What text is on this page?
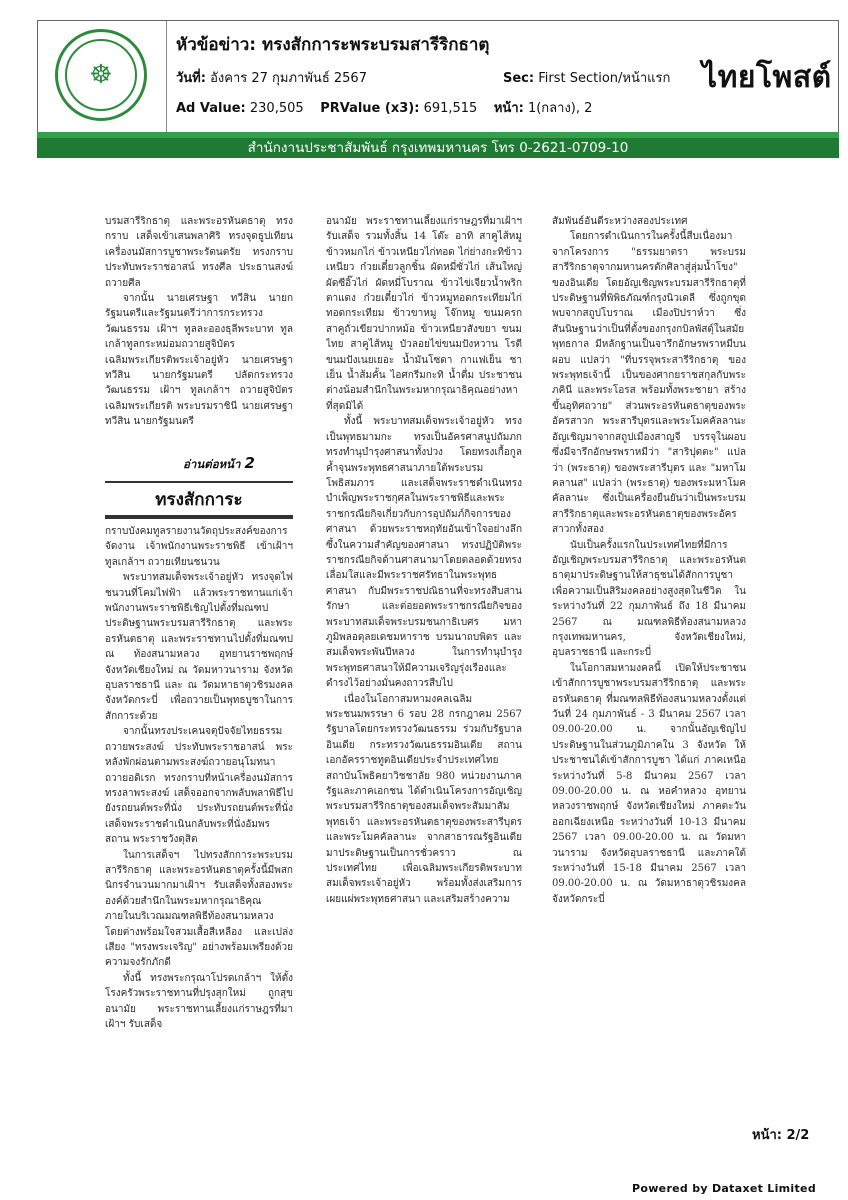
☸
หัวข้อข่าว: ทรงสักการะพระบรมสารีริกธาตุ
วันที่: อังคาร 27 กุมภาพันธ์ 2567	Sec: First Section/หน้าแรก
Ad Value: 230,505 PRValue (x3): 691,515 หน้า: 1(กลาง), 2
ไทยโพสต์
สำนักงานประชาสัมพันธ์ กรุงเทพมหานคร โทร 0-2621-0709-10

บรมสารีริกธาตุ และพระอรหันตธาตุ ทรงกราบ เสด็จเข้าเสนพลาศิริ ทรงจุดธูปเทียนเครื่องนมัสการบูชาพระรัตนตรัย ทรงกราบประทับพระราชอาสน์ ทรงศีล ประธานสงฆ์ถวายศีล

จากนั้น นายเศรษฐา ทวีสิน นายกรัฐมนตรีและรัฐมนตรีว่าการกระทรวงวัฒนธรรม เฝ้าฯ ทูลละอองธุลีพระบาท ทูลเกล้าทูลกระหม่อมถวายสูจิบัตรเฉลิมพระเกียรติพระเจ้าอยู่หัว นายเศรษฐา ทวีสิน นายกรัฐมนตรี ปลัดกระทรวงวัฒนธรรม เฝ้าฯ ทูลเกล้าฯ ถวายสูจิบัตรเฉลิมพระเกียรติ พระบรมราชินี นายเศรษฐา ทวีสิน นายกรัฐมนตรี

อ่านต่อหน้า 2
ทรงสักการะ

กราบบังคมทูลรายงานวัตถุประสงค์ของการจัดงาน เจ้าพนักงานพระราชพิธี เข้าเฝ้าฯ ทูลเกล้าฯ ถวายเทียนชนวน

พระบาทสมเด็จพระเจ้าอยู่หัว ทรงจุดไฟชนวนที่โคมไฟฟ้า แล้วพระราชทานแก่เจ้าพนักงานพระราชพิธีเชิญไปตั้งที่มณฑปประดิษฐานพระบรมสารีริกธาตุ และพระอรหันตธาตุ และพระราชทานไปตั้งที่มณฑปณ ท้องสนามหลวง อุทยานราชพฤกษ์ จังหวัดเชียงใหม่ ณ วัดมหาวนาราม จังหวัดอุบลราชธานี และ ณ วัดมหาธาตุวชิรมงคล จังหวัดกระบี่ เพื่อถวายเป็นพุทธบูชาในการสักการะด้วย

จากนั้นทรงประเคนจตุปัจจัยไทยธรรมถวายพระสงฆ์ ประทับพระราชอาสน์ พระหลังพักผ่อนตามพระสงฆ์ถวายอนุโมทนาถวายอดิเรก ทรงกราบที่หน้าเครื่องนมัสการทรงลาพระสงฆ์ เสด็จออกจากพลับพลาพิธีไปยังรถยนต์พระที่นั่ง ประทับรถยนต์พระที่นั่ง เสด็จพระราชดำเนินกลับพระที่นั่งอัมพรสถาน พระราชวังดุสิต

ในการเสด็จฯ ไปทรงสักการะพระบรมสารีริกธาตุ และพระอรหันตธาตุครั้งนี้มีพสกนิกรจำนวนมากมาเฝ้าฯ รับเสด็จทั้งสองพระองค์ด้วยสำนึกในพระมหากรุณาธิคุณ ภายในบริเวณมณฑลพิธีท้องสนามหลวง โดยต่างพร้อมใจสวมเสื้อสีเหลือง และเปล่งเสียง "ทรงพระเจริญ" อย่างพร้อมเพรียงด้วยความจงรักภักดี

ทั้งนี้ ทรงพระกรุณาโปรดเกล้าฯ ให้ตั้งโรงครัวพระราชทานที่ปรุงสุกใหม่ ถูกสุขอนามัย พระราชทานเลี้ยงแก่ราษฎรที่มาเฝ้าฯ รับเสด็จ

อนามัย พระราชทานเลี้ยงแก่ราษฎรที่มาเฝ้าฯ รับเสด็จ รวมทั้งสิ้น 14 โต๊ะ อาทิ สาคูไส้หมู ข้าวหมกไก่ ข้าวเหนียวไก่ทอด ไก่ย่างกะทิข้าวเหนียว ก๋วยเตี๋ยวลูกชิ้น ผัดหมี่ซั่วไก่ เส้นใหญ่ผัดซีอิ๊วไก่ ผัดหมี่โบราณ ข้าวไข่เจียวน้ำพริกตาแดง ก๋วยเตี๋ยวไก่ ข้าวหมูทอดกระเทียมไก่ทอดกระเทียม ข้าวขาหมู โจ๊กหมู ขนมครก สาคูถั่วเขียวปากหม้อ ข้าวเหนียวสังขยา ขนมไทย สาคูไส้หมู บัวลอยไข่ขนมปังหวาน โรตี ขนมปังเนยเยอะ น้ำมันโซดา กาแฟเย็น ชาเย็น น้ำส้มคั้น ไอศกรีมกะทิ น้ำดื่ม ประชาชนต่างน้อมสำนึกในพระมหากรุณาธิคุณอย่างหาที่สุดมิได้

ทั้งนี้ พระบาทสมเด็จพระเจ้าอยู่หัว ทรงเป็นพุทธมามกะ ทรงเป็นอัครศาสนูปถัมภก ทรงทำนุบำรุงศาสนาทั้งปวง โดยทรงเกื้อกูล ค้ำจุนพระพุทธศาสนาภายใต้พระบรมโพธิสมภาร และเสด็จพระราชดำเนินทรงบำเพ็ญพระราชกุศลในพระราชพิธีและพระราชกรณียกิจเกี่ยวกับการอุปถัมภ์กิจการของศาสนา ด้วยพระราชหฤทัยอันเข้าใจอย่างลึกซึ้งในความสำคัญของศาสนา ทรงปฏิบัติพระราชกรณียกิจด้านศาสนามาโดยตลอดด้วยทรงเลื่อมใสและมีพระราชศรัทธาในพระพุทธศาสนา กับมีพระราชปณิธานที่จะทรงสืบสาน รักษา และต่อยอดพระราชกรณียกิจของพระบาทสมเด็จพระบรมชนกาธิเบศร มหาภูมิพลอดุลยเดชมหาราช บรมนาถบพิตร และสมเด็จพระพันปีหลวง ในการทำนุบำรุงพระพุทธศาสนาให้มีความเจริญรุ่งเรืองและดำรงไว้อย่างมั่นคงถาวรสืบไป

เนื่องในโอกาสมหามงคลเฉลิมพระชนมพรรษา 6 รอบ 28 กรกฎาคม 2567 รัฐบาลโดยกระทรวงวัฒนธรรม ร่วมกับรัฐบาลอินเดีย กระทรวงวัฒนธรรมอินเดีย สถานเอกอัครราชทูตอินเดียประจำประเทศไทย สถาบันโพธิคยาวิชชาลัย 980 หน่วยงานภาครัฐและภาคเอกชน ได้ดำเนินโครงการอัญเชิญพระบรมสารีริกธาตุของสมเด็จพระสัมมาสัมพุทธเจ้า และพระอรหันตธาตุของพระสารีบุตรและพระโมคคัลลานะ จากสาธารณรัฐอินเดีย มาประดิษฐานเป็นการชั่วคราว ณ ประเทศไทย เพื่อเฉลิมพระเกียรติพระบาทสมเด็จพระเจ้าอยู่หัว พร้อมทั้งส่งเสริมการเผยแผ่พระพุทธศาสนา และเสริมสร้างความ

สัมพันธ์อันดีระหว่างสองประเทศ

โดยการดำเนินการในครั้งนี้สืบเนื่องมาจากโครงการ "ธรรมยาตรา พระบรมสารีริกธาตุจากมหานครตักศิลาสู่ลุ่มน้ำโขง" ของอินเดีย โดยอัญเชิญพระบรมสารีริกธาตุที่ประดิษฐานที่พิพิธภัณฑ์กรุงนิวเดลี ซึ่งถูกขุดพบจากสถูปโบราณ เมืองปิปราห์วา ซึ่งสันนิษฐานว่าเป็นที่ตั้งของกรุงกบิลพัสดุ์ในสมัยพุทธกาล มีหลักฐานเป็นจารึกอักษรพราหมีบนผอบ แปลว่า "ที่บรรจุพระสารีริกธาตุ ของพระพุทธเจ้านี้ เป็นของศากยราชสกุลกับพระภคินี และพระโอรส พร้อมทั้งพระชายา สร้างขึ้นอุทิศถวาย" ส่วนพระอรหันตธาตุของพระอัครสาวก พระสารีบุตรและพระโมคคัลลานะ อัญเชิญมาจากสถูปเมืองสาญจี บรรจุในผอบซึ่งมีจารึกอักษรพราหมีว่า "สาริปุตตะ" แปลว่า (พระธาตุ) ของพระสารีบุตร และ "มหาโมคลานส" แปลว่า (พระธาตุ) ของพระมหาโมคคัลลานะ ซึ่งเป็นเครื่องยืนยันว่าเป็นพระบรมสารีริกธาตุและพระอรหันตธาตุของพระอัครสาวกทั้งสอง

นับเป็นครั้งแรกในประเทศไทยที่มีการอัญเชิญพระบรมสารีริกธาตุ และพระอรหันตธาตุมาประดิษฐานให้สาธุชนได้สักการบูชา เพื่อความเป็นสิริมงคลอย่างสูงสุดในชีวิต ในระหว่างวันที่ 22 กุมภาพันธ์ ถึง 18 มีนาคม 2567 ณ มณฑลพิธีท้องสนามหลวง กรุงเทพมหานคร, จังหวัดเชียงใหม่, อุบลราชธานี และกระบี่

ในโอกาสมหามงคลนี้ เปิดให้ประชาชนเข้าสักการบูชาพระบรมสารีริกธาตุ และพระอรหันตธาตุ ที่มณฑลพิธีท้องสนามหลวงตั้งแต่วันที่ 24 กุมภาพันธ์ - 3 มีนาคม 2567 เวลา 09.00-20.00 น. จากนั้นอัญเชิญไปประดิษฐานในส่วนภูมิภาคใน 3 จังหวัด ให้ประชาชนได้เข้าสักการบูชา ได้แก่ ภาคเหนือ ระหว่างวันที่ 5-8 มีนาคม 2567 เวลา 09.00-20.00 น. ณ หอคำหลวง อุทยานหลวงราชพฤกษ์ จังหวัดเชียงใหม่ ภาคตะวันออกเฉียงเหนือ ระหว่างวันที่ 10-13 มีนาคม 2567 เวลา 09.00-20.00 น. ณ วัดมหาวนาราม จังหวัดอุบลราชธานี และภาคใต้ ระหว่างวันที่ 15-18 มีนาคม 2567 เวลา 09.00-20.00 น. ณ วัดมหาธาตุวชิรมงคล จังหวัดกระบี่

หน้า: 2/2
Powered by Dataxet Limited
